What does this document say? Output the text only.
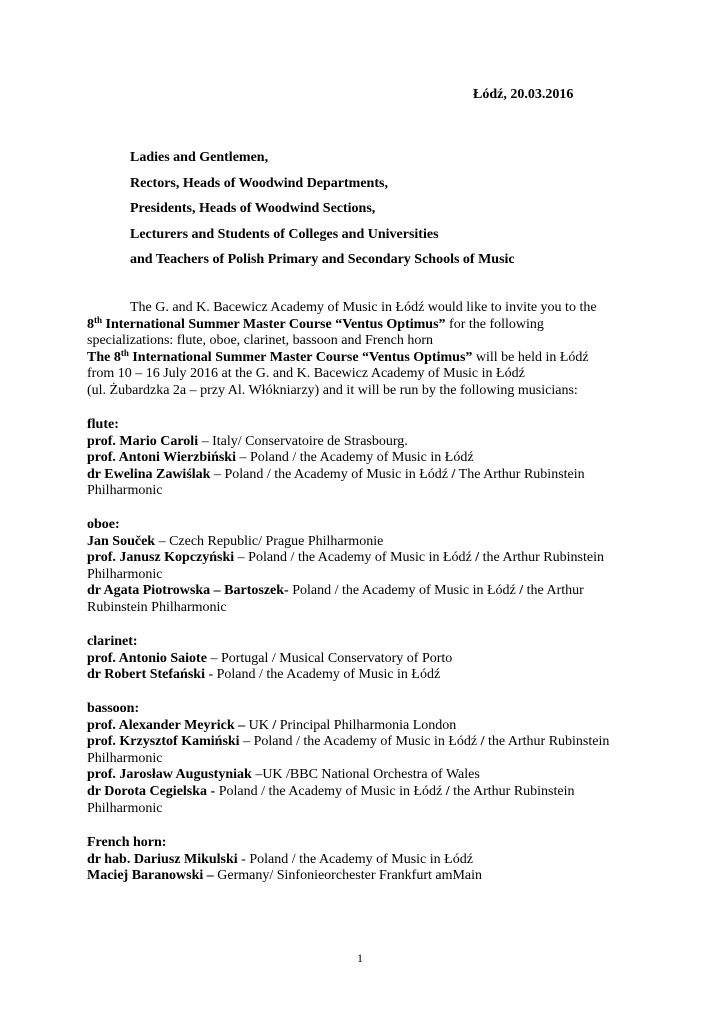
Łódź, 20.03.2016
Ladies and Gentlemen,
Rectors, Heads of Woodwind Departments,
Presidents, Heads of Woodwind Sections,
Lecturers and Students of Colleges and Universities
and Teachers of Polish Primary and Secondary Schools of Music
The G. and K. Bacewicz Academy of Music in Łódź would like to invite you to the
8th International Summer Master Course “Ventus Optimus” for the following
specializations: flute, oboe, clarinet, bassoon and French horn
The 8th International Summer Master Course “Ventus Optimus” will be held in Łódź
from 10 – 16 July 2016 at the G. and K. Bacewicz Academy of Music in Łódź
(ul. Żubardzka 2a – przy Al. Włókniarzy) and it will be run by the following musicians:
flute:
prof. Mario Caroli – Italy/ Conservatoire de Strasbourg.
prof. Antoni Wierzbiński – Poland / the Academy of Music in Łódź
dr Ewelina Zawiślak – Poland / the Academy of Music in Łódź / The Arthur Rubinstein Philharmonic
oboe:
Jan Souček – Czech Republic/ Prague Philharmonie
prof. Janusz Kopczyński – Poland / the Academy of Music in Łódź / the Arthur Rubinstein Philharmonic
dr Agata Piotrowska – Bartoszek- Poland / the Academy of Music in Łódź / the Arthur Rubinstein Philharmonic
clarinet:
prof. Antonio Saiote – Portugal / Musical Conservatory of Porto
dr Robert Stefański - Poland / the Academy of Music in Łódź
bassoon:
prof. Alexander Meyrick – UK / Principal Philharmonia London
prof. Krzysztof Kamiński – Poland / the Academy of Music in Łódź / the Arthur Rubinstein Philharmonic
prof. Jarosław Augustyniak –UK /BBC National Orchestra of Wales
dr Dorota Cegielska - Poland / the Academy of Music in Łódź / the Arthur Rubinstein Philharmonic
French horn:
dr hab. Dariusz Mikulski - Poland / the Academy of Music in Łódź
Maciej Baranowski – Germany/ Sinfonieorchester Frankfurt amMain
1
